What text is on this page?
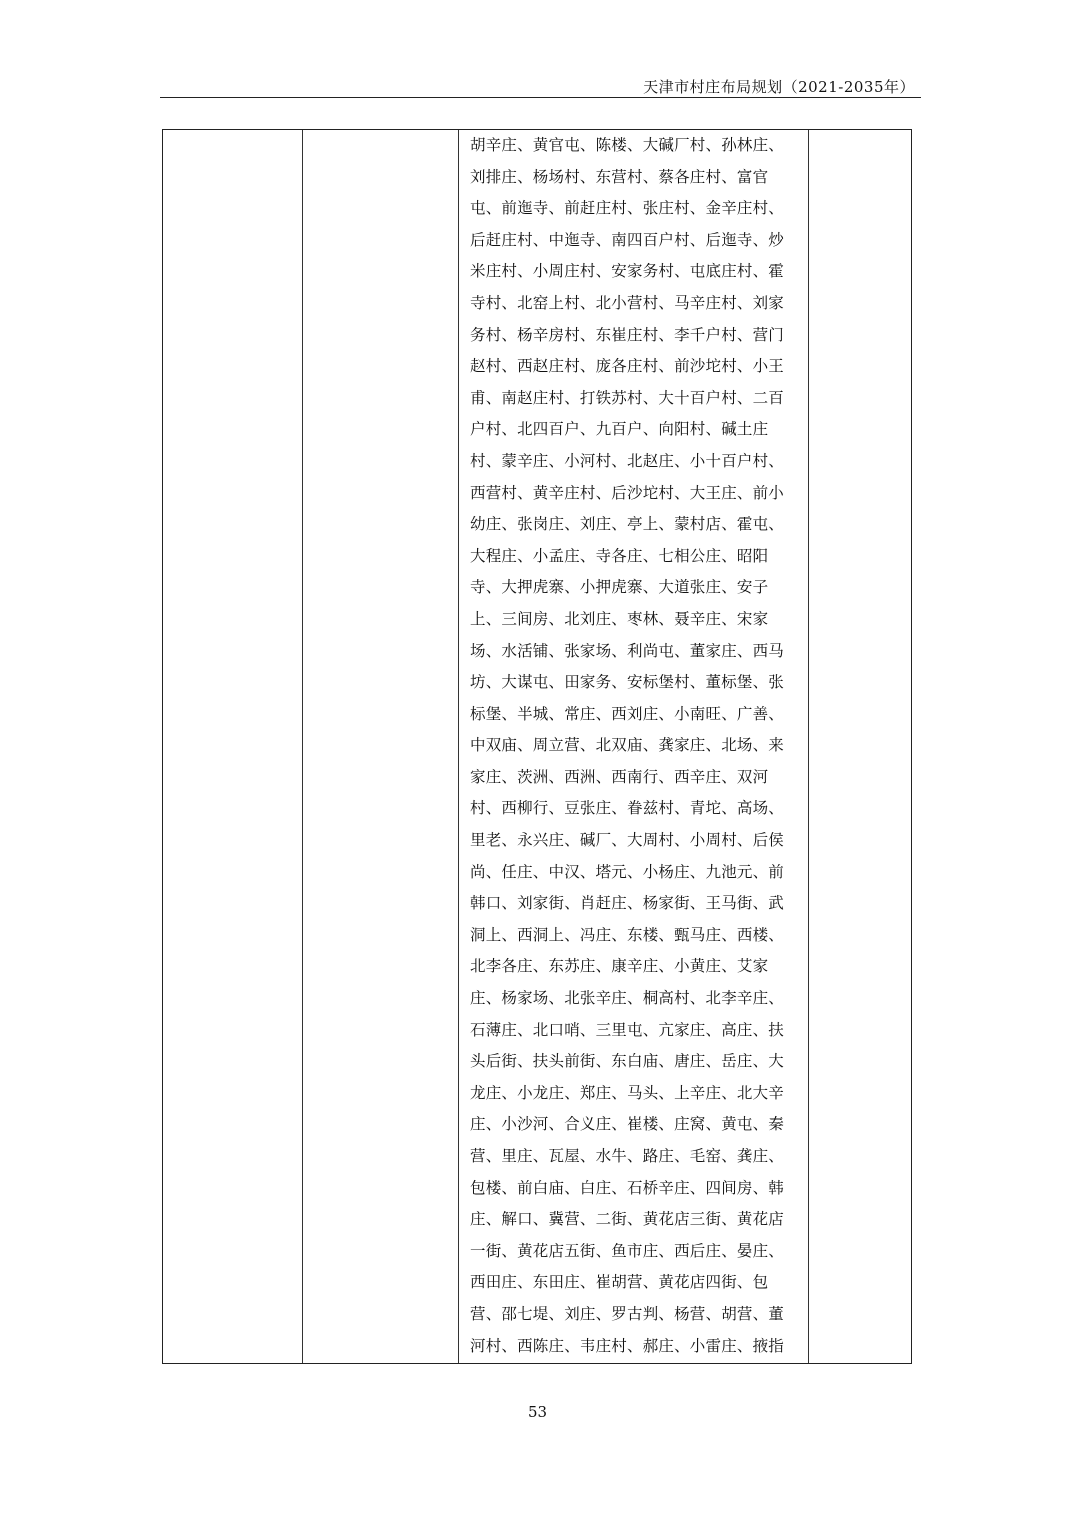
天津市村庄布局规划（2021-2035年）
胡辛庄、黄官屯、陈楼、大碱厂村、孙林庄、
刘排庄、杨场村、东营村、蔡各庄村、富官
屯、前迤寺、前赶庄村、张庄村、金辛庄村、
后赶庄村、中迤寺、南四百户村、后迤寺、炒
米庄村、小周庄村、安家务村、屯底庄村、霍
寺村、北窑上村、北小营村、马辛庄村、刘家
务村、杨辛房村、东崔庄村、李千户村、营门
赵村、西赵庄村、庞各庄村、前沙坨村、小王
甫、南赵庄村、打铁苏村、大十百户村、二百
户村、北四百户、九百户、向阳村、碱土庄
村、蒙辛庄、小河村、北赵庄、小十百户村、
西营村、黄辛庄村、后沙坨村、大王庄、前小
幼庄、张岗庄、刘庄、亭上、蒙村店、霍屯、
大程庄、小孟庄、寺各庄、七相公庄、昭阳
寺、大押虎寨、小押虎寨、大道张庄、安子
上、三间房、北刘庄、枣林、聂辛庄、宋家
场、水活铺、张家场、利尚屯、董家庄、西马
坊、大谋屯、田家务、安标堡村、董标堡、张
标堡、半城、常庄、西刘庄、小南旺、广善、
中双庙、周立营、北双庙、龚家庄、北场、来
家庄、茨洲、西洲、西南行、西辛庄、双河
村、西柳行、豆张庄、眷兹村、青坨、高场、
里老、永兴庄、碱厂、大周村、小周村、后侯
尚、任庄、中汉、塔元、小杨庄、九池元、前
韩口、刘家街、肖赶庄、杨家街、王马街、武
洞上、西洞上、冯庄、东楼、甄马庄、西楼、
北李各庄、东苏庄、康辛庄、小黄庄、艾家
庄、杨家场、北张辛庄、桐高村、北李辛庄、
石薄庄、北口哨、三里屯、亢家庄、高庄、扶
头后街、扶头前街、东白庙、唐庄、岳庄、大
龙庄、小龙庄、郑庄、马头、上辛庄、北大辛
庄、小沙河、合义庄、崔楼、庄窝、黄屯、秦
营、里庄、瓦屋、水牛、路庄、毛窑、龚庄、
包楼、前白庙、白庄、石桥辛庄、四间房、韩
庄、解口、冀营、二街、黄花店三街、黄花店
一街、黄花店五街、鱼市庄、西后庄、晏庄、
西田庄、东田庄、崔胡营、黄花店四街、包
营、邵七堤、刘庄、罗古判、杨营、胡营、董
河村、西陈庄、韦庄村、郝庄、小雷庄、掖指
53
